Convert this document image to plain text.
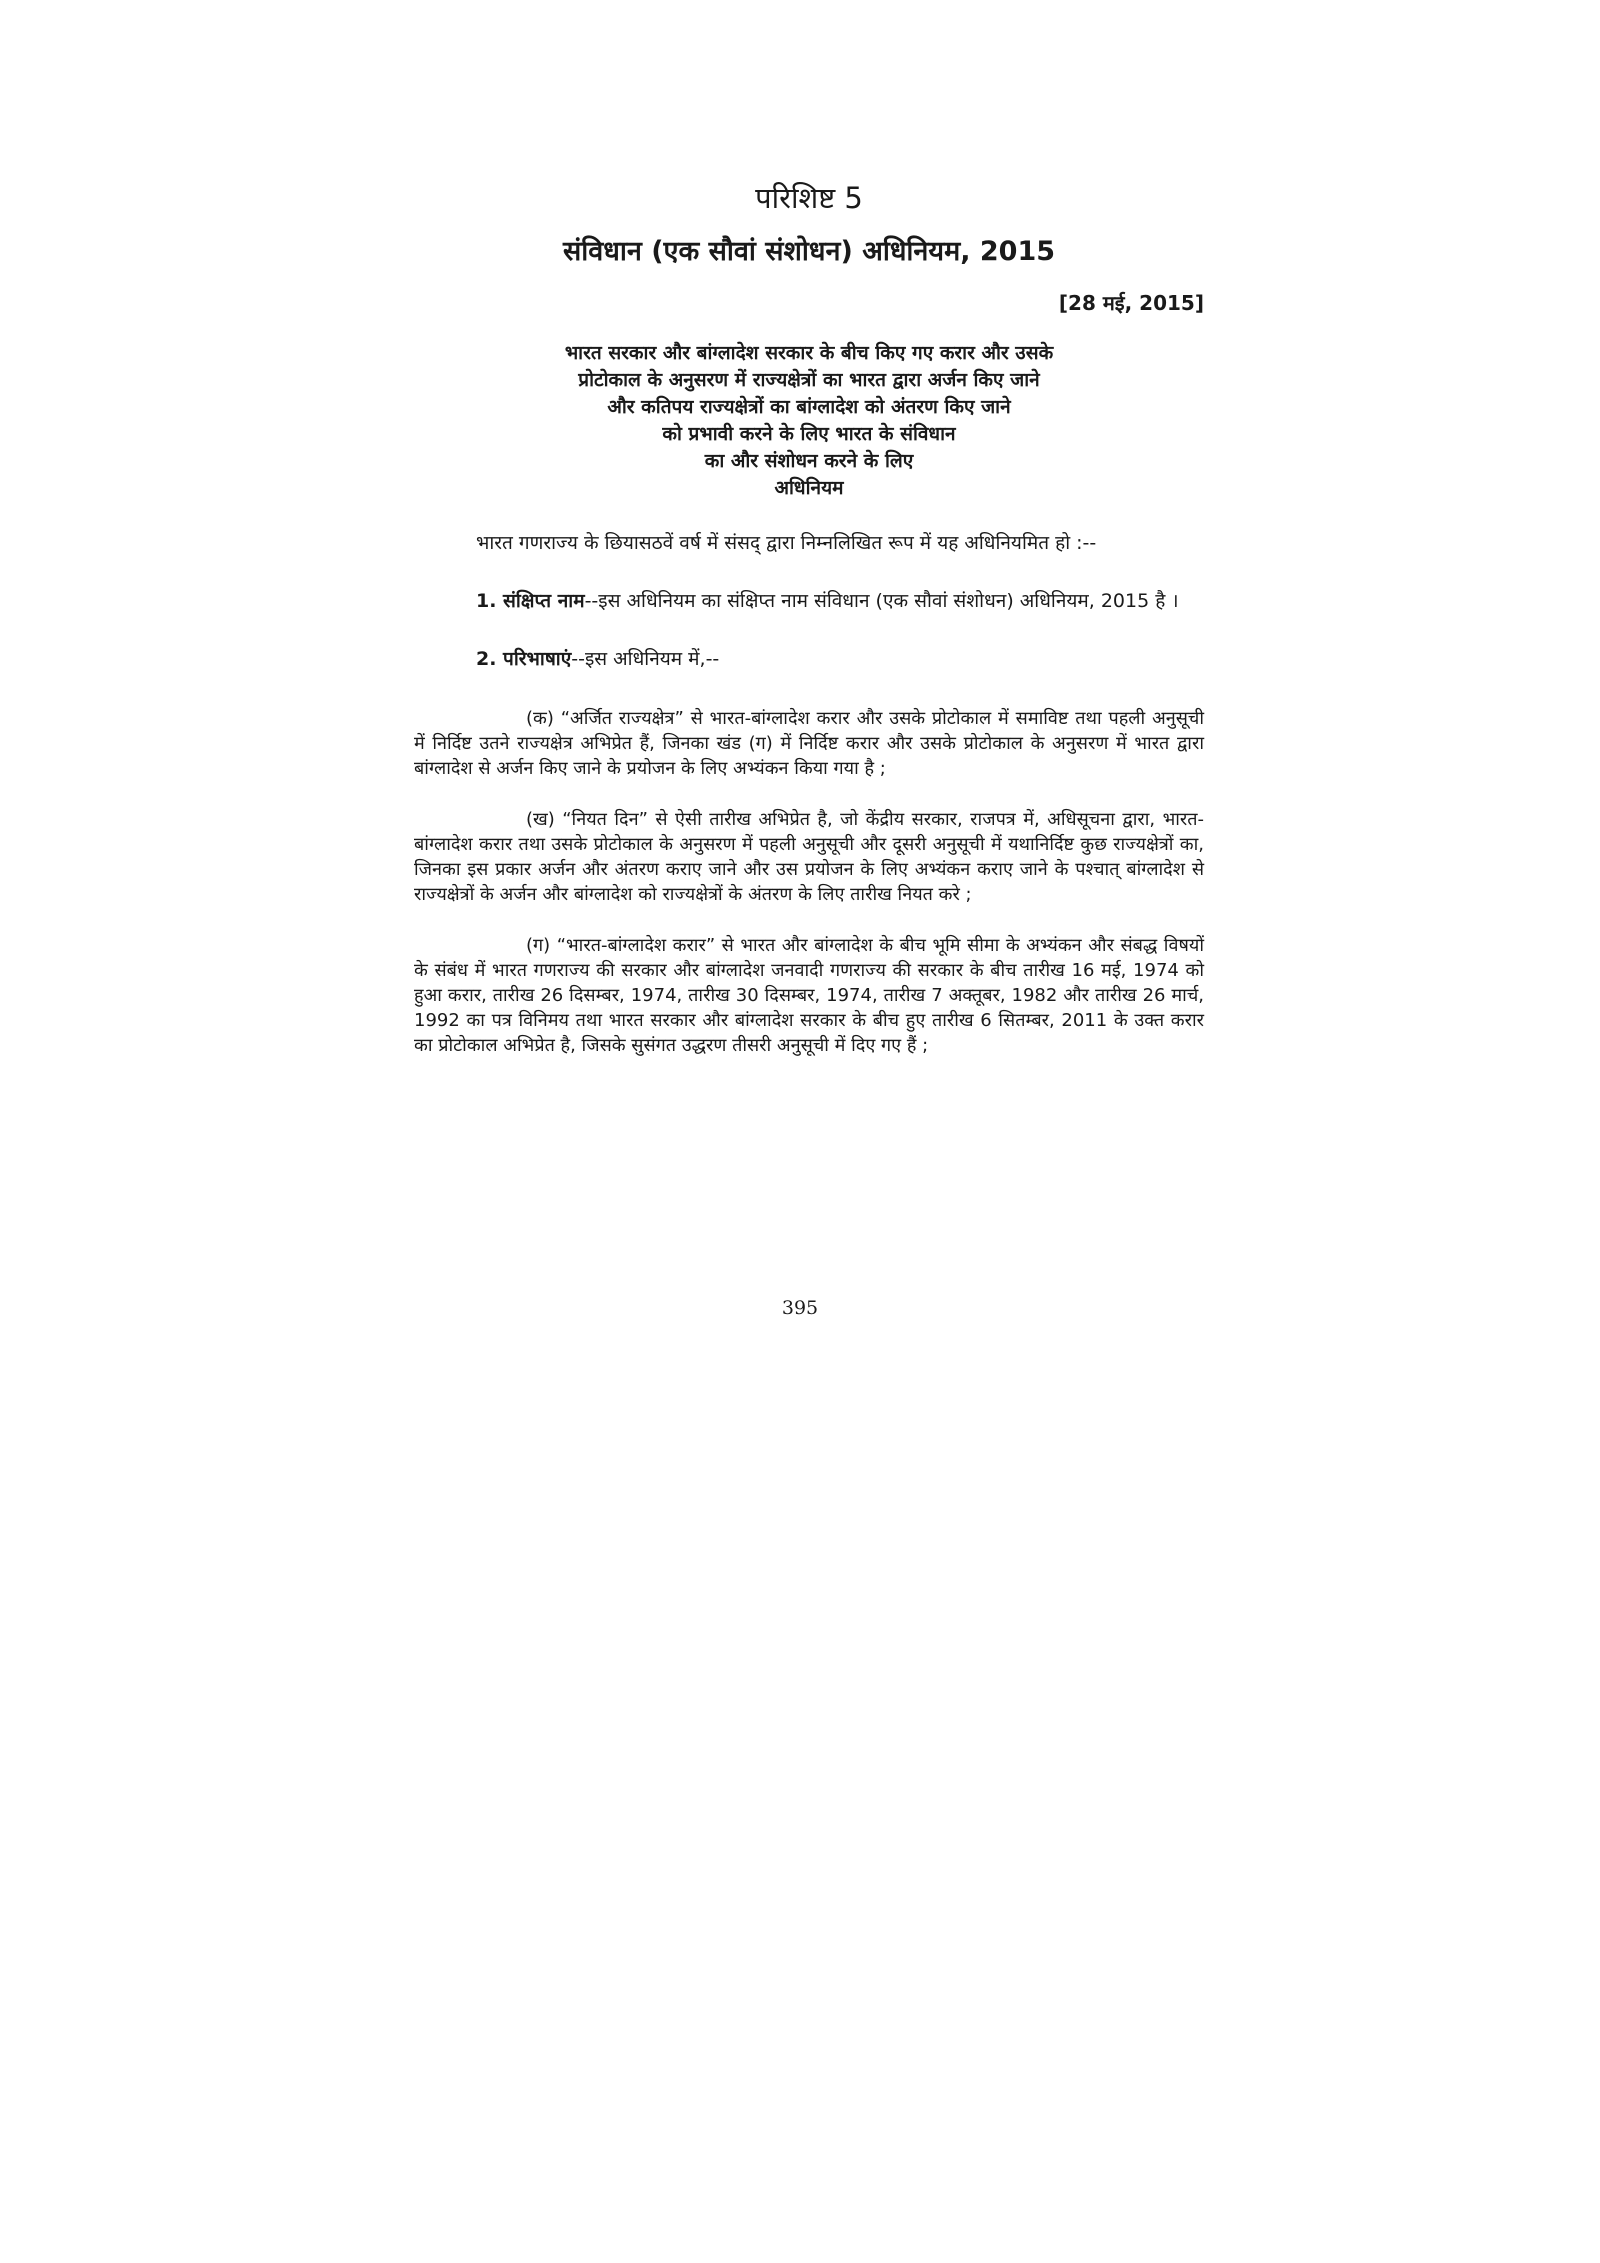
परिशिष्ट 5

संविधान (एक सौवां संशोधन) अधिनियम, 2015

[28 मई, 2015]

भारत सरकार और बांग्लादेश सरकार के बीच किए गए करार और उसके
प्रोटोकाल के अनुसरण में राज्यक्षेत्रों का भारत द्वारा अर्जन किए जाने
और कतिपय राज्यक्षेत्रों का बांग्लादेश को अंतरण किए जाने
को प्रभावी करने के लिए भारत के संविधान
का और संशोधन करने के लिए
अधिनियम

भारत गणराज्य के छियासठवें वर्ष में संसद् द्वारा निम्नलिखित रूप में यह अधिनियमित हो :--

1. संक्षिप्त नाम--इस अधिनियम का संक्षिप्त नाम संविधान (एक सौवां संशोधन) अधिनियम, 2015 है ।

2. परिभाषाएं--इस अधिनियम में,--

(क) “अर्जित राज्यक्षेत्र” से भारत-बांग्लादेश करार और उसके प्रोटोकाल में समाविष्ट तथा पहली अनुसूची में निर्दिष्ट उतने राज्यक्षेत्र अभिप्रेत हैं, जिनका खंड (ग) में निर्दिष्ट करार और उसके प्रोटोकाल के अनुसरण में भारत द्वारा बांग्लादेश से अर्जन किए जाने के प्रयोजन के लिए अभ्यंकन किया गया है ;

(ख) “नियत दिन” से ऐसी तारीख अभिप्रेत है, जो केंद्रीय सरकार, राजपत्र में, अधिसूचना द्वारा, भारत-बांग्लादेश करार तथा उसके प्रोटोकाल के अनुसरण में पहली अनुसूची और दूसरी अनुसूची में यथानिर्दिष्ट कुछ राज्यक्षेत्रों का, जिनका इस प्रकार अर्जन और अंतरण कराए जाने और उस प्रयोजन के लिए अभ्यंकन कराए जाने के पश्चात् बांग्लादेश से राज्यक्षेत्रों के अर्जन और बांग्लादेश को राज्यक्षेत्रों के अंतरण के लिए तारीख नियत करे ;

(ग) “भारत-बांग्लादेश करार” से भारत और बांग्लादेश के बीच भूमि सीमा के अभ्यंकन और संबद्ध विषयों के संबंध में भारत गणराज्य की सरकार और बांग्लादेश जनवादी गणराज्य की सरकार के बीच तारीख 16 मई, 1974 को हुआ करार, तारीख 26 दिसम्बर, 1974, तारीख 30 दिसम्बर, 1974, तारीख 7 अक्तूबर, 1982 और तारीख 26 मार्च, 1992 का पत्र विनिमय तथा भारत सरकार और बांग्लादेश सरकार के बीच हुए तारीख 6 सितम्बर, 2011 के उक्त करार का प्रोटोकाल अभिप्रेत है, जिसके सुसंगत उद्धरण तीसरी अनुसूची में दिए गए हैं ;

395
